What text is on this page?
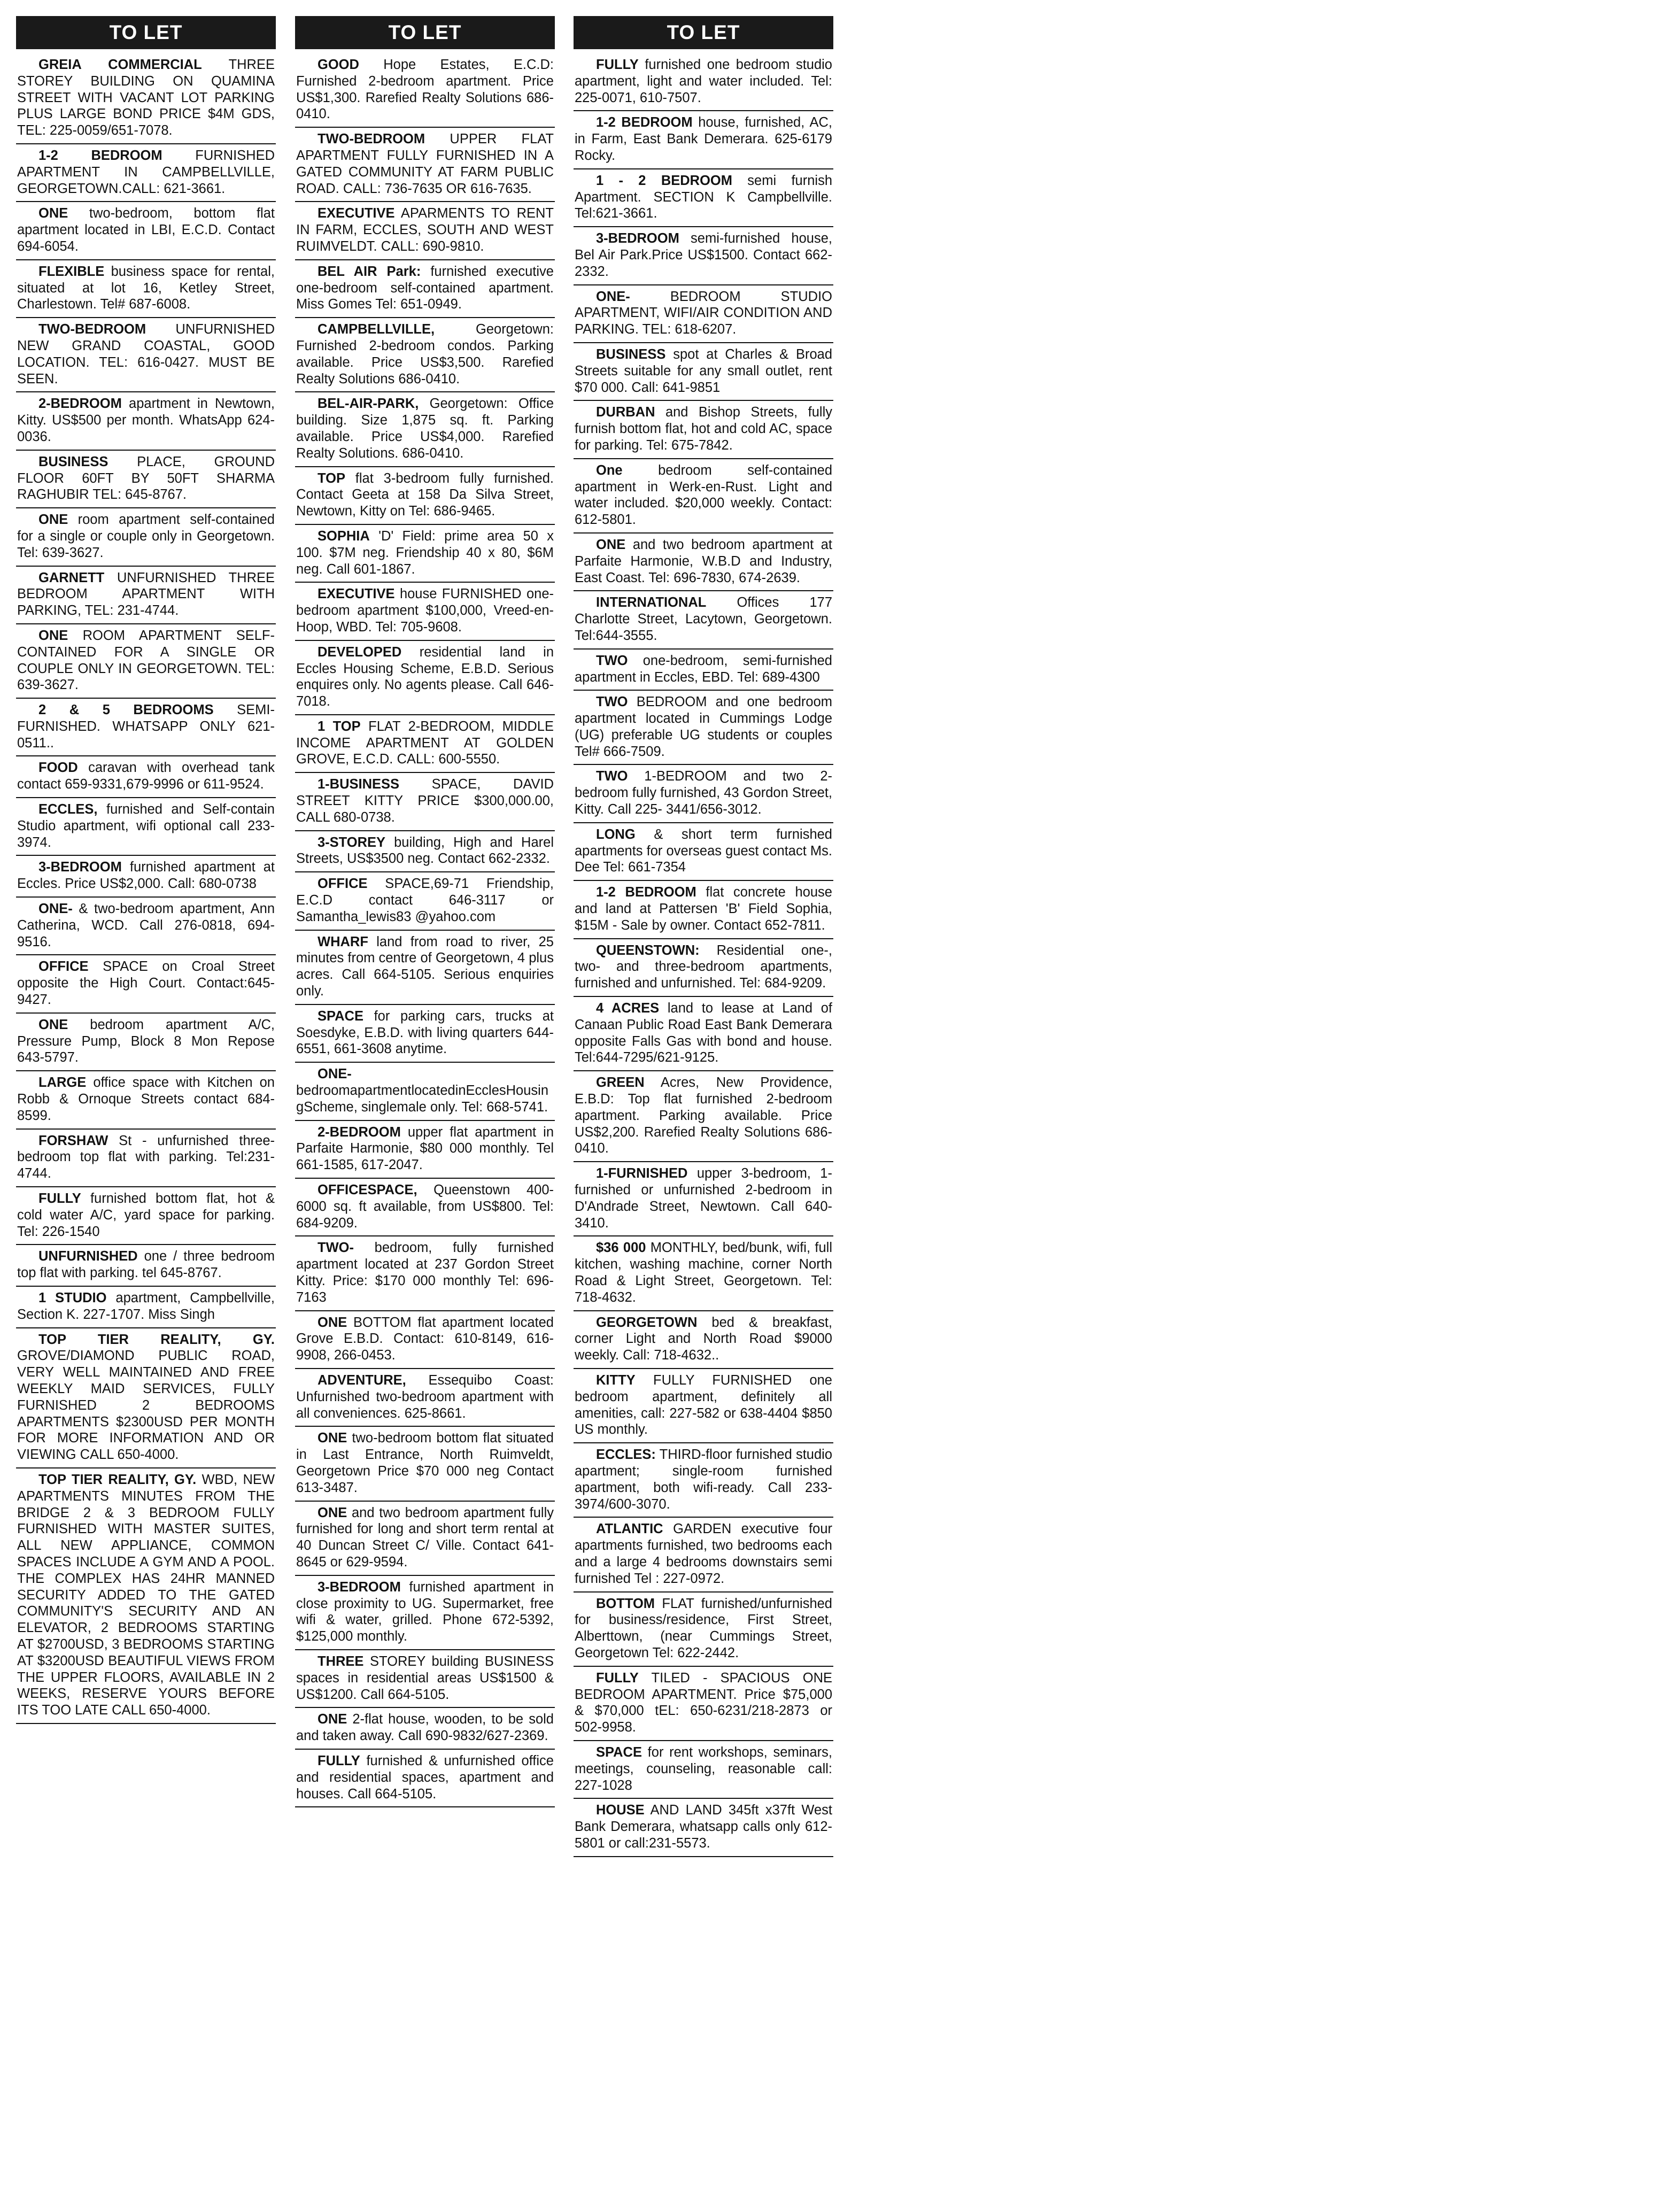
TO LET
GREIA COMMERCIAL THREE STOREY BUILDING ON QUAMINA STREET WITH VACANT LOT PARKING PLUS LARGE BOND PRICE $4M GDS, TEL: 225-0059/651-7078.
1-2 BEDROOM FURNISHED APARTMENT IN CAMPBELLVILLE, GEORGETOWN.CALL: 621-3661.
ONE two-bedroom, bottom flat apartment located in LBI, E.C.D. Contact 694-6054.
FLEXIBLE business space for rental, situated at lot 16, Ketley Street, Charlestown. Tel# 687-6008.
TWO-BEDROOM UNFURNISHED NEW GRAND COASTAL, GOOD LOCATION. TEL: 616-0427. MUST BE SEEN.
2-BEDROOM apartment in Newtown, Kitty. US$500 per month. WhatsApp 624-0036.
BUSINESS PLACE, GROUND FLOOR 60FT BY 50FT SHARMA RAGHUBIR TEL: 645-8767.
ONE room apartment self-contained for a single or couple only in Georgetown. Tel: 639-3627.
GARNETT UNFURNISHED THREE BEDROOM APARTMENT WITH PARKING, TEL: 231-4744.
ONE ROOM APARTMENT SELF-CONTAINED FOR A SINGLE OR COUPLE ONLY IN GEORGETOWN. TEL: 639-3627.
2 & 5 BEDROOMS SEMI-FURNISHED. WHATSAPP ONLY 621-0511..
FOOD caravan with overhead tank contact 659-9331,679-9996 or 611-9524.
ECCLES, furnished and Self-contain Studio apartment, wifi optional call 233-3974.
3-BEDROOM furnished apartment at Eccles. Price US$2,000. Call: 680-0738
ONE- & two-bedroom apartment, Ann Catherina, WCD. Call 276-0818, 694-9516.
OFFICE SPACE on Croal Street opposite the High Court. Contact:645-9427.
ONE bedroom apartment A/C, Pressure Pump, Block 8 Mon Repose 643-5797.
LARGE office space with Kitchen on Robb & Ornoque Streets contact 684-8599.
FORSHAW St - unfurnished three-bedroom top flat with parking. Tel:231-4744.
FULLY furnished bottom flat, hot & cold water A/C, yard space for parking. Tel: 226-1540
UNFURNISHED one / three bedroom top flat with parking. tel 645-8767.
1 STUDIO apartment, Campbellville, Section K. 227-1707. Miss Singh
TOP TIER REALITY, GY. GROVE/DIAMOND PUBLIC ROAD, VERY WELL MAINTAINED AND FREE WEEKLY MAID SERVICES, FULLY FURNISHED 2 BEDROOMS APARTMENTS $2300USD PER MONTH FOR MORE INFORMATION AND OR VIEWING CALL 650-4000.
TOP TIER REALITY, GY. WBD, NEW APARTMENTS MINUTES FROM THE BRIDGE 2 & 3 BEDROOM FULLY FURNISHED WITH MASTER SUITES, ALL NEW APPLIANCE, COMMON SPACES INCLUDE A GYM AND A POOL. THE COMPLEX HAS 24HR MANNED SECURITY ADDED TO THE GATED COMMUNITY'S SECURITY AND AN ELEVATOR, 2 BEDROOMS STARTING AT $2700USD, 3 BEDROOMS STARTING AT $3200USD BEAUTIFUL VIEWS FROM THE UPPER FLOORS, AVAILABLE IN 2 WEEKS, RESERVE YOURS BEFORE ITS TOO LATE CALL 650-4000.
TO LET
GOOD Hope Estates, E.C.D: Furnished 2-bedroom apartment. Price US$1,300. Rarefied Realty Solutions 686-0410.
TWO-BEDROOM UPPER FLAT APARTMENT FULLY FURNISHED IN A GATED COMMUNITY AT FARM PUBLIC ROAD. CALL: 736-7635 OR 616-7635.
EXECUTIVE APARMENTS TO RENT IN FARM, ECCLES, SOUTH AND WEST RUIMVELDT. CALL: 690-9810.
BEL AIR Park: furnished executive one-bedroom self-contained apartment. Miss Gomes Tel: 651-0949.
CAMPBELLVILLE, Georgetown: Furnished 2-bedroom condos. Parking available. Price US$3,500. Rarefied Realty Solutions 686-0410.
BEL-AIR-PARK, Georgetown: Office building. Size 1,875 sq. ft. Parking available. Price US$4,000. Rarefied Realty Solutions. 686-0410.
TOP flat 3-bedroom fully furnished. Contact Geeta at 158 Da Silva Street, Newtown, Kitty on Tel: 686-9465.
SOPHIA 'D' Field: prime area 50 x 100. $7M neg. Friendship 40 x 80, $6M neg. Call 601-1867.
EXECUTIVE house FURNISHED one-bedroom apartment $100,000, Vreed-en-Hoop, WBD. Tel: 705-9608.
DEVELOPED residential land in Eccles Housing Scheme, E.B.D. Serious enquires only. No agents please. Call 646-7018.
1 TOP FLAT 2-BEDROOM, MIDDLE INCOME APARTMENT AT GOLDEN GROVE, E.C.D. CALL: 600-5550.
1-BUSINESS SPACE, DAVID STREET KITTY PRICE $300,000.00, CALL 680-0738.
3-STOREY building, High and Harel Streets, US$3500 neg. Contact 662-2332.
OFFICE SPACE,69-71 Friendship, E.C.D contact 646-3117 or Samantha_lewis83 @yahoo.com
WHARF land from road to river, 25 minutes from centre of Georgetown, 4 plus acres. Call 664-5105. Serious enquiries only.
SPACE for parking cars, trucks at Soesdyke, E.B.D. with living quarters 644-6551, 661-3608 anytime.
ONE- bedroomapartmentlocatedinEcclesHousingScheme, singlemale only. Tel: 668-5741.
2-BEDROOM upper flat apartment in Parfaite Harmonie, $80 000 monthly. Tel 661-1585, 617-2047.
OFFICESPACE, Queenstown 400-6000 sq. ft available, from US$800. Tel: 684-9209.
TWO- bedroom, fully furnished apartment located at 237 Gordon Street Kitty. Price: $170 000 monthly Tel: 696-7163
ONE BOTTOM flat apartment located Grove E.B.D. Contact: 610-8149, 616-9908, 266-0453.
ADVENTURE, Essequibo Coast: Unfurnished two-bedroom apartment with all conveniences. 625-8661.
ONE two-bedroom bottom flat situated in Last Entrance, North Ruimveldt, Georgetown Price $70 000 neg Contact 613-3487.
ONE and two bedroom apartment fully furnished for long and short term rental at 40 Duncan Street C/ Ville. Contact 641-8645 or 629-9594.
3-BEDROOM furnished apartment in close proximity to UG. Supermarket, free wifi & water, grilled. Phone 672-5392, $125,000 monthly.
THREE STOREY building BUSINESS spaces in residential areas US$1500 & US$1200. Call 664-5105.
ONE 2-flat house, wooden, to be sold and taken away. Call 690-9832/627-2369.
FULLY furnished & unfurnished office and residential spaces, apartment and houses. Call 664-5105.
TO LET
FULLY furnished one bedroom studio apartment, light and water included. Tel: 225-0071, 610-7507.
1-2 BEDROOM house, furnished, AC, in Farm, East Bank Demerara. 625-6179 Rocky.
1 - 2 BEDROOM semi furnish Apartment. SECTION K Campbellville. Tel:621-3661.
3-BEDROOM semi-furnished house, Bel Air Park.Price US$1500. Contact 662-2332.
ONE- BEDROOM STUDIO APARTMENT, WIFI/AIR CONDITION AND PARKING. TEL: 618-6207.
BUSINESS spot at Charles & Broad Streets suitable for any small outlet, rent $70 000. Call: 641-9851
DURBAN and Bishop Streets, fully furnish bottom flat, hot and cold AC, space for parking. Tel: 675-7842.
One bedroom self-contained apartment in Werk-en-Rust. Light and water included. $20,000 weekly. Contact: 612-5801.
ONE and two bedroom apartment at Parfaite Harmonie, W.B.D and Industry, East Coast. Tel: 696-7830, 674-2639.
INTERNATIONAL Offices 177 Charlotte Street, Lacytown, Georgetown. Tel:644-3555.
TWO one-bedroom, semi-furnished apartment in Eccles, EBD. Tel: 689-4300
TWO BEDROOM and one bedroom apartment located in Cummings Lodge (UG) preferable UG students or couples Tel# 666-7509.
TWO 1-BEDROOM and two 2-bedroom fully furnished, 43 Gordon Street, Kitty. Call 225- 3441/656-3012.
LONG & short term furnished apartments for overseas guest contact Ms. Dee Tel: 661-7354
1-2 BEDROOM flat concrete house and land at Pattersen 'B' Field Sophia, $15M - Sale by owner. Contact 652-7811.
QUEENSTOWN: Residential one-, two- and three-bedroom apartments, furnished and unfurnished. Tel: 684-9209.
4 ACRES land to lease at Land of Canaan Public Road East Bank Demerara opposite Falls Gas with bond and house. Tel:644-7295/621-9125.
GREEN Acres, New Providence, E.B.D: Top flat furnished 2-bedroom apartment. Parking available. Price US$2,200. Rarefied Realty Solutions 686-0410.
1-FURNISHED upper 3-bedroom, 1-furnished or unfurnished 2-bedroom in D'Andrade Street, Newtown. Call 640-3410.
$36 000 MONTHLY, bed/bunk, wifi, full kitchen, washing machine, corner North Road & Light Street, Georgetown. Tel: 718-4632.
GEORGETOWN bed & breakfast, corner Light and North Road $9000 weekly. Call: 718-4632..
KITTY FULLY FURNISHED one bedroom apartment, definitely all amenities, call: 227-582 or 638-4404 $850 US monthly.
ECCLES: THIRD-floor furnished studio apartment; single-room furnished apartment, both wifi-ready. Call 233-3974/600-3070.
ATLANTIC GARDEN executive four apartments furnished, two bedrooms each and a large 4 bedrooms downstairs semi furnished Tel : 227-0972.
BOTTOM FLAT furnished/unfurnished for business/residence, First Street, Alberttown, (near Cummings Street, Georgetown Tel: 622-2442.
FULLY TILED - SPACIOUS ONE BEDROOM APARTMENT. Price $75,000 & $70,000 tEL: 650-6231/218-2873 or 502-9958.
SPACE for rent workshops, seminars, meetings, counseling, reasonable call: 227-1028
HOUSE AND LAND 345ft x37ft West Bank Demerara, whatsapp calls only 612-5801 or call:231-5573.
